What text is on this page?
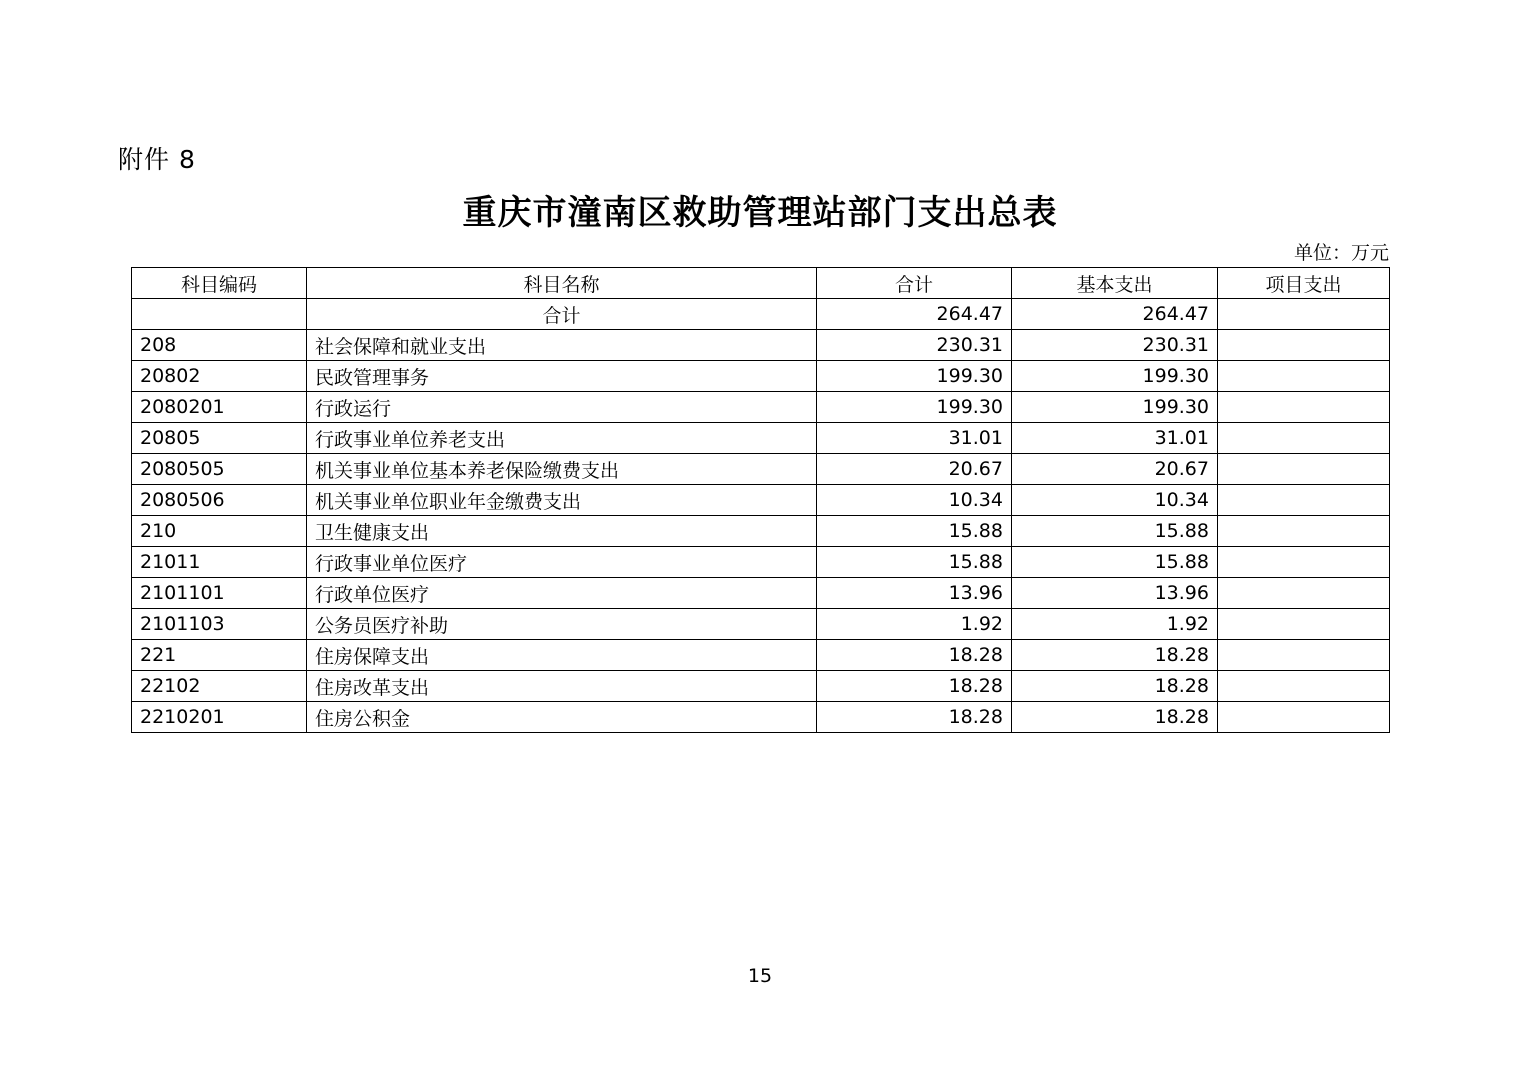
附件 8
重庆市潼南区救助管理站部门支出总表
单位：万元
科目编码	科目名称	合计	基本支出	项目支出
	合计	264.47	264.47	
208	社会保障和就业支出	230.31	230.31	
20802	民政管理事务	199.30	199.30	
2080201	行政运行	199.30	199.30	
20805	行政事业单位养老支出	31.01	31.01	
2080505	机关事业单位基本养老保险缴费支出	20.67	20.67	
2080506	机关事业单位职业年金缴费支出	10.34	10.34	
210	卫生健康支出	15.88	15.88	
21011	行政事业单位医疗	15.88	15.88	
2101101	行政单位医疗	13.96	13.96	
2101103	公务员医疗补助	1.92	1.92	
221	住房保障支出	18.28	18.28	
22102	住房改革支出	18.28	18.28	
2210201	住房公积金	18.28	18.28	
15
